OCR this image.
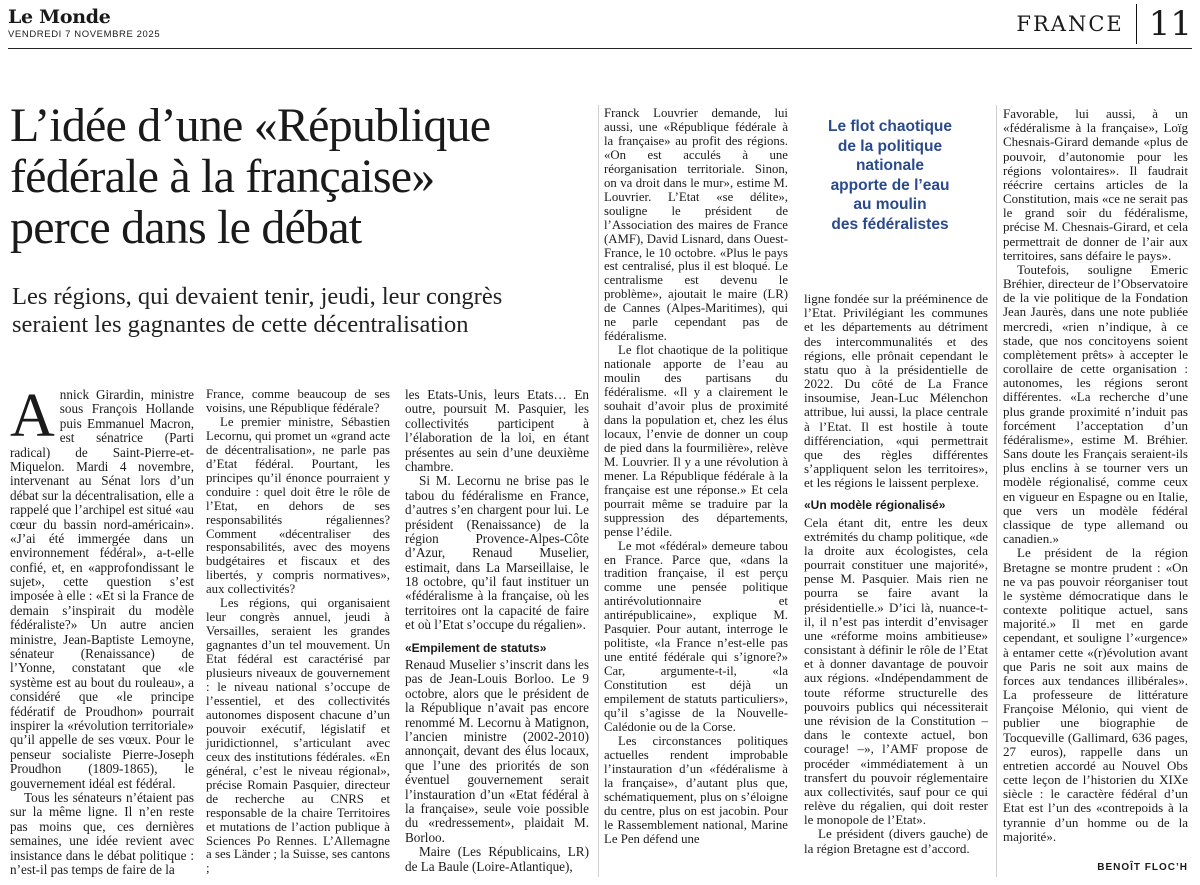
Le Monde
VENDREDI 7 NOVEMBRE 2025	FRANCE 11
L’idée d’une «République
fédérale à la française»
perce dans le débat
Les régions, qui devaient tenir, jeudi, leur congrès
seraient les gagnantes de cette décentralisation

Annick Girardin, ministre sous François Hollande puis Emmanuel Macron, est sénatrice (Parti radical) de Saint-Pierre-et-Miquelon. Mardi 4 novembre, intervenant au Sénat lors d’un débat sur la décentralisation, elle a rappelé que l’archipel est situé «au cœur du bassin nord-américain». «J’ai été immergée dans un environnement fédéral», a-t-elle confié, et, en «approfondissant le sujet», cette question s’est imposée à elle : «Et si la France de demain s’inspirait du modèle fédéraliste?» Un autre ancien ministre, Jean-Baptiste Lemoyne, sénateur (Renaissance) de l’Yonne, constatant que «le système est au bout du rouleau», a considéré que «le principe fédératif de Proudhon» pourrait inspirer la «révolution territoriale» qu’il appelle de ses vœux. Pour le penseur socialiste Pierre-Joseph Proudhon (1809-1865), le gouvernement idéal est fédéral.

Tous les sénateurs n’étaient pas sur la même ligne. Il n’en reste pas moins que, ces dernières semaines, une idée revient avec insistance dans le débat politique : n’est-il pas temps de faire de la

France, comme beaucoup de ses voisins, une République fédérale?

Le premier ministre, Sébastien Lecornu, qui promet un «grand acte de décentralisation», ne parle pas d’Etat fédéral. Pourtant, les principes qu’il énonce pourraient y conduire : quel doit être le rôle de l’Etat, en dehors de ses responsabilités régaliennes? Comment «décentraliser des responsabilités, avec des moyens budgétaires et fiscaux et des libertés, y compris normatives», aux collectivités?

Les régions, qui organisaient leur congrès annuel, jeudi à Versailles, seraient les grandes gagnantes d’un tel mouvement. Un Etat fédéral est caractérisé par plusieurs niveaux de gouvernement : le niveau national s’occupe de l’essentiel, et des collectivités autonomes disposent chacune d’un pouvoir exécutif, législatif et juridictionnel, s’articulant avec ceux des institutions fédérales. «En général, c’est le niveau régional», précise Romain Pasquier, directeur de recherche au CNRS et responsable de la chaire Territoires et mutations de l’action publique à Sciences Po Rennes. L’Allemagne a ses Länder ; la Suisse, ses cantons ;

les Etats-Unis, leurs Etats… En outre, poursuit M. Pasquier, les collectivités participent à l’élaboration de la loi, en étant présentes au sein d’une deuxième chambre.

Si M. Lecornu ne brise pas le tabou du fédéralisme en France, d’autres s’en chargent pour lui. Le président (Renaissance) de la région Provence-Alpes-Côte d’Azur, Renaud Muselier, estimait, dans La Marseillaise, le 18 octobre, qu’il faut instituer un «fédéralisme à la française, où les territoires ont la capacité de faire et où l’Etat s’occupe du régalien».

«Empilement de statuts»

Renaud Muselier s’inscrit dans les pas de Jean-Louis Borloo. Le 9 octobre, alors que le président de la République n’avait pas encore renommé M. Lecornu à Matignon, l’ancien ministre (2002-2010) annonçait, devant des élus locaux, que l’une des priorités de son éventuel gouvernement serait l’instauration d’un «Etat fédéral à la française», seule voie possible du «redressement», plaidait M. Borloo.

Maire (Les Républicains, LR) de La Baule (Loire-Atlantique),

Franck Louvrier demande, lui aussi, une «République fédérale à la française» au profit des régions. «On est acculés à une réorganisation territoriale. Sinon, on va droit dans le mur», estime M. Louvrier. L’Etat «se délite», souligne le président de l’Association des maires de France (AMF), David Lisnard, dans Ouest-France, le 10 octobre. «Plus le pays est centralisé, plus il est bloqué. Le centralisme est devenu le problème», ajoutait le maire (LR) de Cannes (Alpes-Maritimes), qui ne parle cependant pas de fédéralisme.

Le flot chaotique de la politique nationale apporte de l’eau au moulin des partisans du fédéralisme. «Il y a clairement le souhait d’avoir plus de proximité dans la population et, chez les élus locaux, l’envie de donner un coup de pied dans la fourmilière», relève M. Louvrier. Il y a une révolution à mener. La République fédérale à la française est une réponse.» Et cela pourrait même se traduire par la suppression des départements, pense l’édile.

Le mot «fédéral» demeure tabou en France. Parce que, «dans la tradition française, il est perçu comme une pensée politique antirévolutionnaire et antirépublicaine», explique M. Pasquier. Pour autant, interroge le politiste, «la France n’est-elle pas une entité fédérale qui s’ignore?» Car, argumente-t-il, «la Constitution est déjà un empilement de statuts particuliers», qu’il s’agisse de la Nouvelle-Calédonie ou de la Corse.

Les circonstances politiques actuelles rendent improbable l’instauration d’un «fédéralisme à la française», d’autant plus que, schématiquement, plus on s’éloigne du centre, plus on est jacobin. Pour le Rassemblement national, Marine Le Pen défend une

Le flot chaotique
de la politique
nationale
apporte de l’eau
au moulin
des fédéralistes

ligne fondée sur la prééminence de l’Etat. Privilégiant les communes et les départements au détriment des intercommunalités et des régions, elle prônait cependant le statu quo à la présidentielle de 2022. Du côté de La France insoumise, Jean-Luc Mélenchon attribue, lui aussi, la place centrale à l’Etat. Il est hostile à toute différenciation, «qui permettrait que des règles différentes s’appliquent selon les territoires», et les régions le laissent perplexe.

«Un modèle régionalisé»

Cela étant dit, entre les deux extrémités du champ politique, «de la droite aux écologistes, cela pourrait constituer une majorité», pense M. Pasquier. Mais rien ne pourra se faire avant la présidentielle.» D’ici là, nuance-t-il, il n’est pas interdit d’envisager une «réforme moins ambitieuse» consistant à définir le rôle de l’Etat et à donner davantage de pouvoir aux régions. «Indépendamment de toute réforme structurelle des pouvoirs publics qui nécessiterait une révision de la Constitution – dans le contexte actuel, bon courage! –», l’AMF propose de procéder «immédiatement à un transfert du pouvoir réglementaire aux collectivités, sauf pour ce qui relève du régalien, qui doit rester le monopole de l’Etat».

Le président (divers gauche) de la région Bretagne est d’accord.

Favorable, lui aussi, à un «fédéralisme à la française», Loïg Chesnais-Girard demande «plus de pouvoir, d’autonomie pour les régions volontaires». Il faudrait réécrire certains articles de la Constitution, mais «ce ne serait pas le grand soir du fédéralisme, précise M. Chesnais-Girard, et cela permettrait de donner de l’air aux territoires, sans défaire le pays».

Toutefois, souligne Emeric Bréhier, directeur de l’Observatoire de la vie politique de la Fondation Jean Jaurès, dans une note publiée mercredi, «rien n’indique, à ce stade, que nos concitoyens soient complètement prêts» à accepter le corollaire de cette organisation : autonomes, les régions seront différentes. «La recherche d’une plus grande proximité n’induit pas forcément l’acceptation d’un fédéralisme», estime M. Bréhier. Sans doute les Français seraient-ils plus enclins à se tourner vers un modèle régionalisé, comme ceux en vigueur en Espagne ou en Italie, que vers un modèle fédéral classique de type allemand ou canadien.»

Le président de la région Bretagne se montre prudent : «On ne va pas pouvoir réorganiser tout le système démocratique dans le contexte politique actuel, sans majorité.» Il met en garde cependant, et souligne l’«urgence» à entamer cette «(r)évolution avant que Paris ne soit aux mains de forces aux tendances illibérales». La professeure de littérature Françoise Mélonio, qui vient de publier une biographie de Tocqueville (Gallimard, 636 pages, 27 euros), rappelle dans un entretien accordé au Nouvel Obs cette leçon de l’historien du XIXe siècle : le caractère fédéral d’un Etat est l’un des «contrepoids à la tyrannie d’un homme ou de la majorité».

BENOÎT FLOC’H
